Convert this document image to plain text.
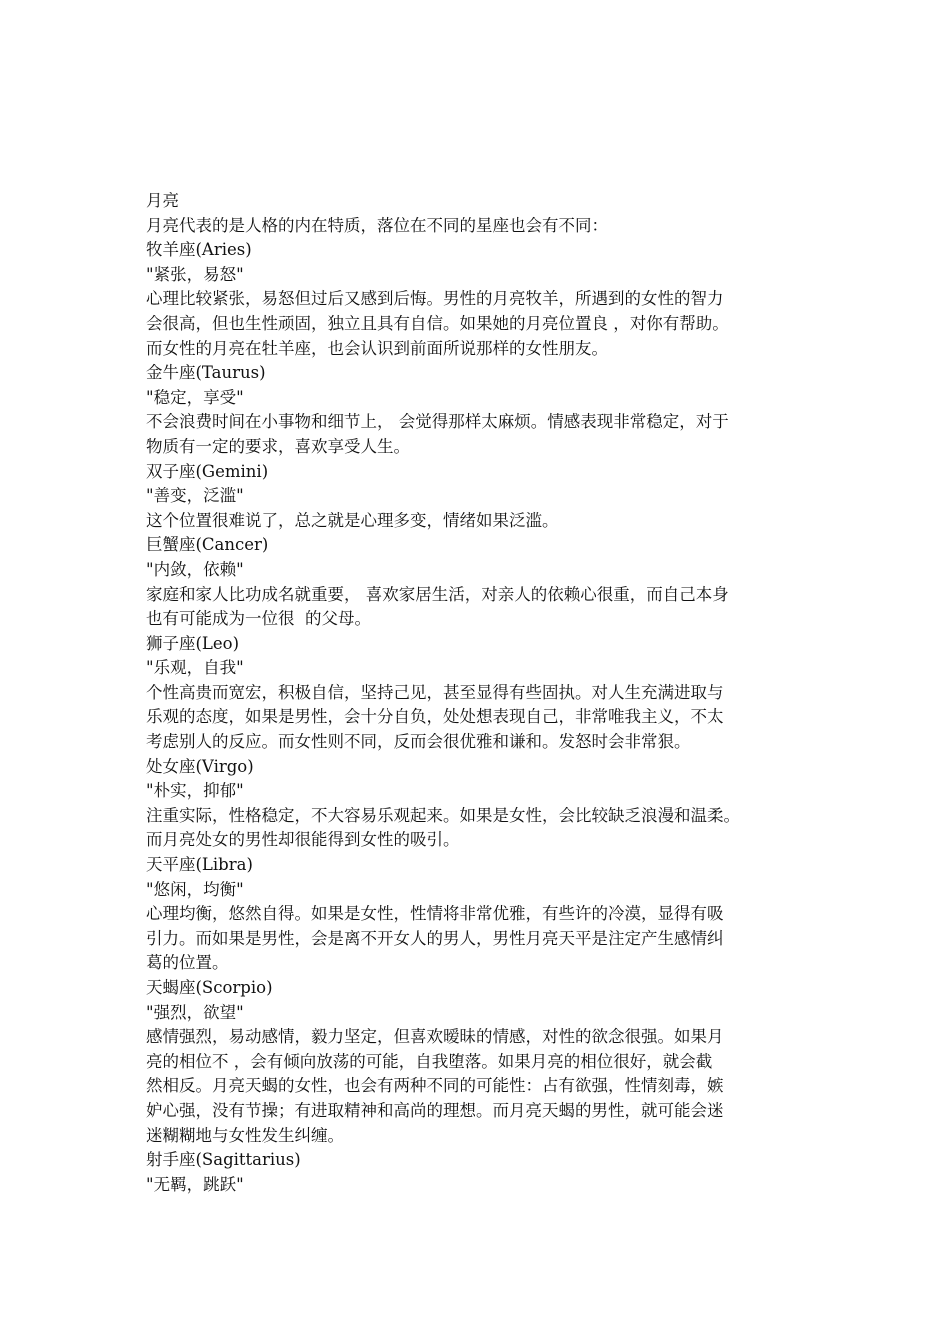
月亮
月亮代表的是人格的内在特质，落位在不同的星座也会有不同：
牧羊座(Aries)
"紧张，易怒"
心理比较紧张，易怒但过后又感到后悔。男性的月亮牧羊，所遇到的女性的智力
会很高，但也生性顽固，独立且具有自信。如果她的月亮位置良 ，对你有帮助。
而女性的月亮在牡羊座，也会认识到前面所说那样的女性朋友。
金牛座(Taurus)
"稳定，享受"
不会浪费时间在小事物和细节上， 会觉得那样太麻烦。情感表现非常稳定，对于
物质有一定的要求，喜欢享受人生。
双子座(Gemini)
"善变，泛滥"
这个位置很难说了，总之就是心理多变，情绪如果泛滥。
巨蟹座(Cancer)
"内敛，依赖"
家庭和家人比功成名就重要， 喜欢家居生活，对亲人的依赖心很重，而自己本身
也有可能成为一位很  的父母。
狮子座(Leo)
"乐观，自我"
个性高贵而宽宏，积极自信，坚持己见，甚至显得有些固执。对人生充满进取与
乐观的态度，如果是男性，会十分自负，处处想表现自己，非常唯我主义，不太
考虑别人的反应。而女性则不同，反而会很优雅和谦和。发怒时会非常狠。
处女座(Virgo)
"朴实，抑郁"
注重实际，性格稳定，不大容易乐观起来。如果是女性，会比较缺乏浪漫和温柔。
而月亮处女的男性却很能得到女性的吸引。
天平座(Libra)
"悠闲，均衡"
心理均衡，悠然自得。如果是女性，性情将非常优雅，有些许的冷漠，显得有吸
引力。而如果是男性，会是离不开女人的男人，男性月亮天平是注定产生感情纠
葛的位置。
天蝎座(Scorpio)
"强烈，欲望"
感情强烈，易动感情，毅力坚定，但喜欢暧昧的情感，对性的欲念很强。如果月
亮的相位不 ，会有倾向放荡的可能，自我堕落。如果月亮的相位很好，就会截
然相反。月亮天蝎的女性，也会有两种不同的可能性：占有欲强，性情刻毒，嫉
妒心强，没有节操；有进取精神和高尚的理想。而月亮天蝎的男性，就可能会迷
迷糊糊地与女性发生纠缠。
射手座(Sagittarius)
"无羁，跳跃"
